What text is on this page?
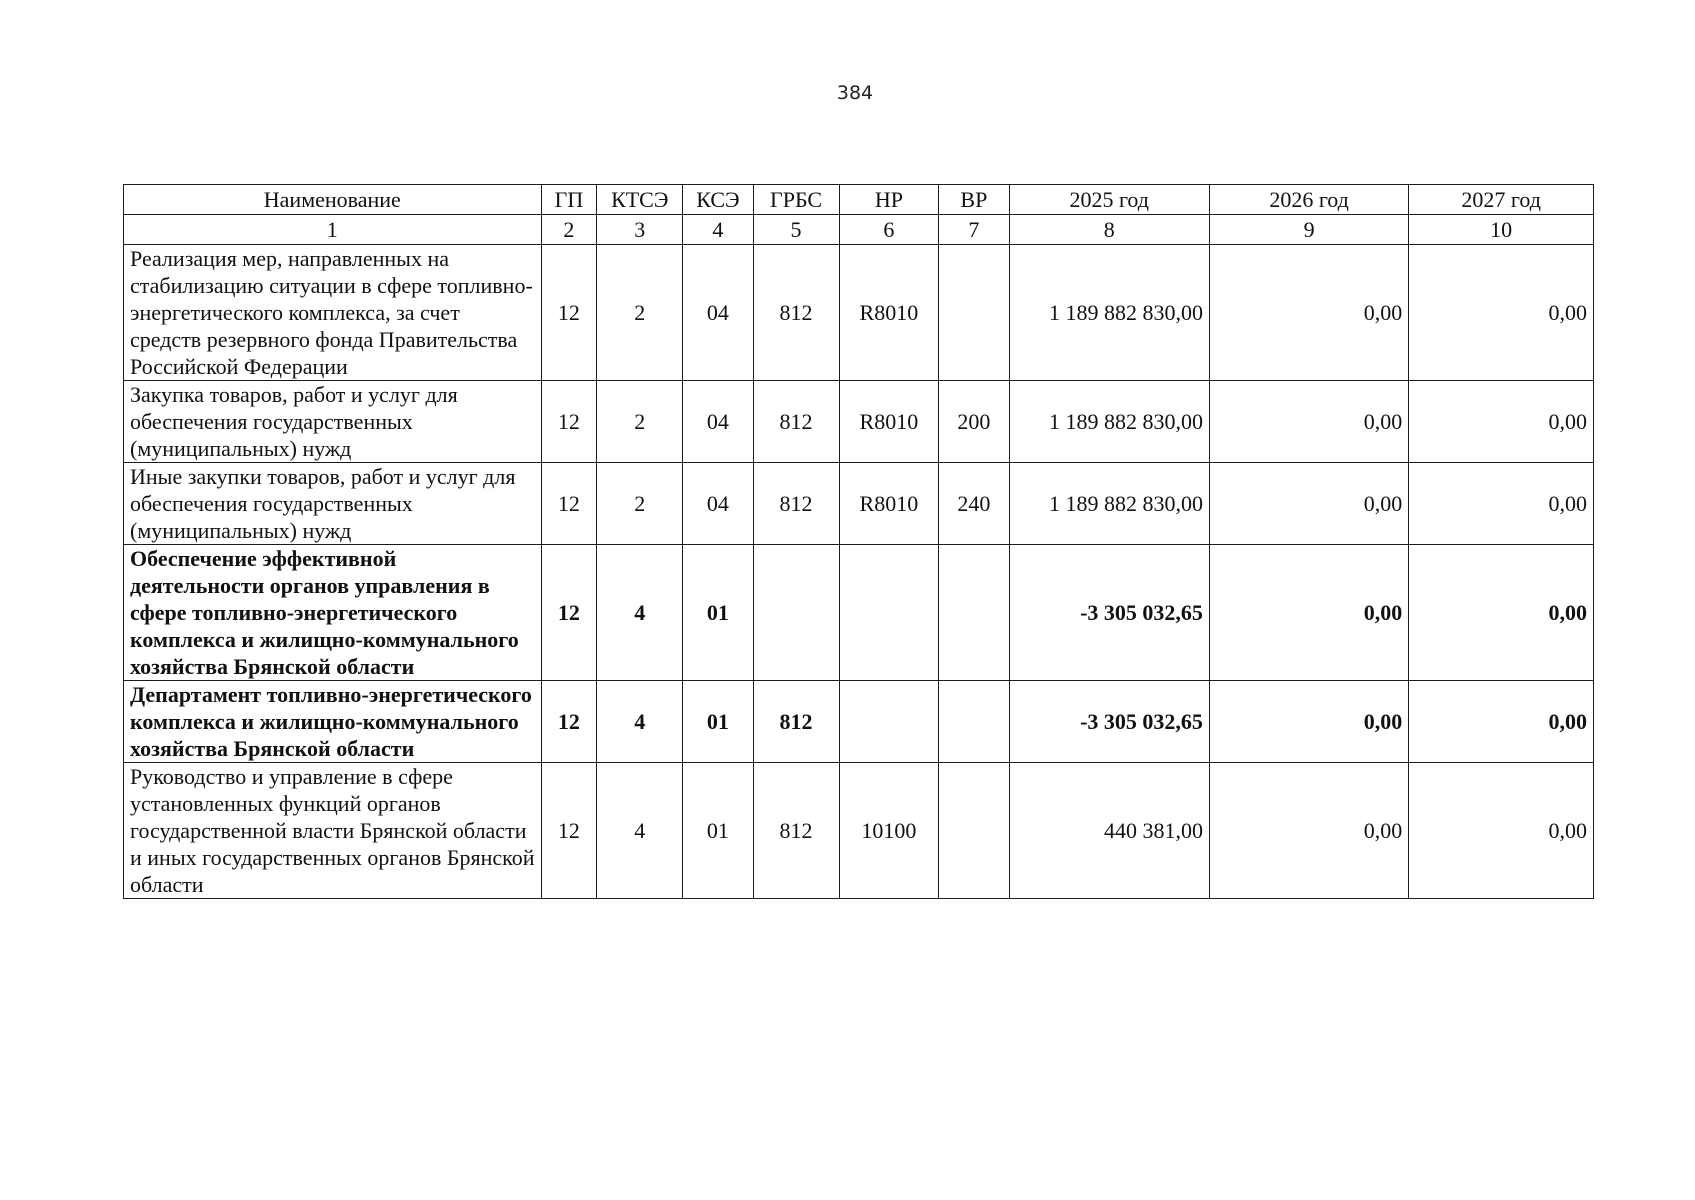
384
Наименование	ГП	КТСЭ	КСЭ	ГРБС	НР	ВР	2025 год	2026 год	2027 год
1	2	3	4	5	6	7	8	9	10
Реализация мер, направленных на стабилизацию ситуации в сфере топливно-энергетического комплекса, за счет средств резервного фонда Правительства Российской Федерации	12	2	04	812	R8010		1 189 882 830,00	0,00	0,00
Закупка товаров, работ и услуг для обеспечения государственных (муниципальных) нужд	12	2	04	812	R8010	200	1 189 882 830,00	0,00	0,00
Иные закупки товаров, работ и услуг для обеспечения государственных (муниципальных) нужд	12	2	04	812	R8010	240	1 189 882 830,00	0,00	0,00
Обеспечение эффективной деятельности органов управления в сфере топливно-энергетического комплекса и жилищно-коммунального хозяйства Брянской области	12	4	01				-3 305 032,65	0,00	0,00
Департамент топливно-энергетического комплекса и жилищно-коммунального хозяйства Брянской области	12	4	01	812			-3 305 032,65	0,00	0,00
Руководство и управление в сфере установленных функций органов государственной власти Брянской области и иных государственных органов Брянской области	12	4	01	812	10100		440 381,00	0,00	0,00
